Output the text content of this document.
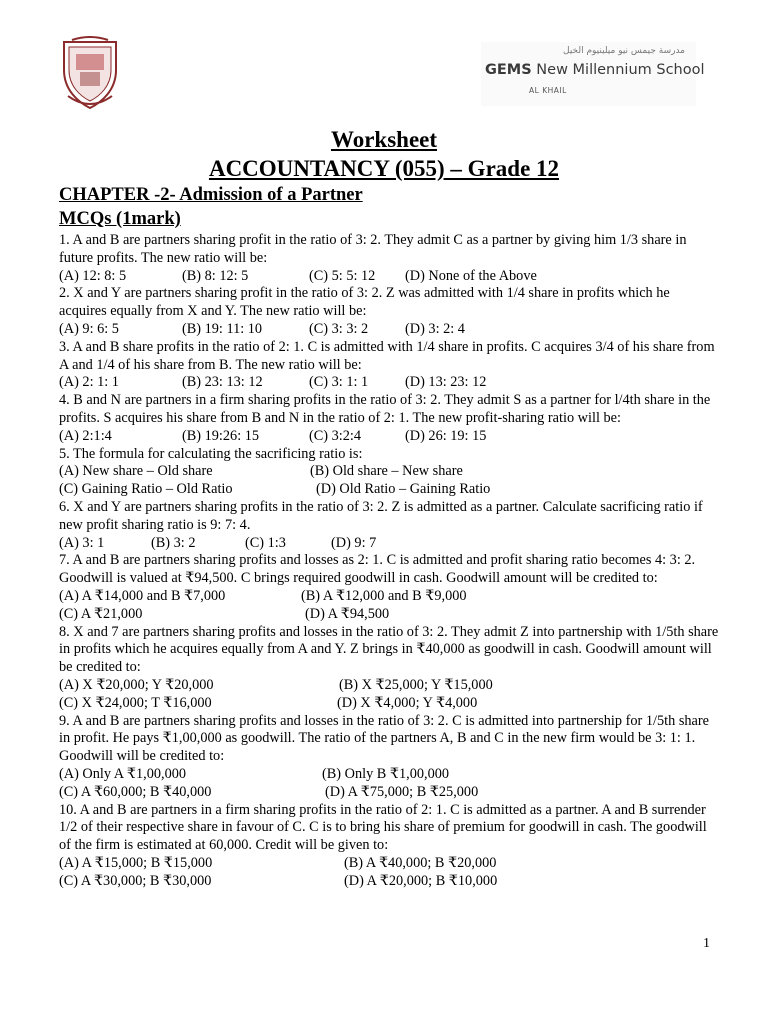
مدرسة جيمس نيو ميلينيوم الخيل
GEMS New Millennium School
AL KHAIL
Worksheet
ACCOUNTANCY (055) – Grade 12
CHAPTER -2- Admission of a Partner
MCQs (1mark)
1. A and B are partners sharing profit in the ratio of 3: 2. They admit C as a partner by giving him 1/3 share in future profits. The new ratio will be:
(A) 12: 8: 5	(B) 8: 12: 5	(C) 5: 5: 12 (D) None of the Above
2. X and Y are partners sharing profit in the ratio of 3: 2. Z was admitted with 1/4 share in profits which he acquires equally from X and Y. The new ratio will be:
(A) 9: 6: 5	(B) 19: 11: 10	(C) 3: 3: 2	(D) 3: 2: 4
3. A and B share profits in the ratio of 2: 1. C is admitted with 1/4 share in profits. C acquires 3/4 of his share from A and 1/4 of his share from B. The new ratio will be:
(A) 2: 1: 1	(B) 23: 13: 12	(C) 3: 1: 1	(D) 13: 23: 12
4. B and N are partners in a firm sharing profits in the ratio of 3: 2. They admit S as a partner for l/4th share in the profits. S acquires his share from B and N in the ratio of 2: 1. The new profit-sharing ratio will be:
(A) 2:1:4	(B) 19:26: 15	(C) 3:2:4	(D) 26: 19: 15
5. The formula for calculating the sacrificing ratio is:
(A) New share – Old share	(B) Old share – New share
(C) Gaining Ratio – Old Ratio	(D) Old Ratio – Gaining Ratio
6. X and Y are partners sharing profits in the ratio of 3: 2. Z is admitted as a partner. Calculate sacrificing ratio if new profit sharing ratio is 9: 7: 4.
(A) 3: 1	(B) 3: 2	(C) 1:3	(D) 9: 7
7. A and B are partners sharing profits and losses as 2: 1. C is admitted and profit sharing ratio becomes 4: 3: 2. Goodwill is valued at ₹94,500. C brings required goodwill in cash. Goodwill amount will be credited to:
(A) A ₹14,000 and B ₹7,000	(B) A ₹12,000 and B ₹9,000
(C) A ₹21,000	(D) A ₹94,500
8. X and 7 are partners sharing profits and losses in the ratio of 3: 2. They admit Z into partnership with 1/5th share in profits which he acquires equally from A and Y. Z brings in ₹40,000 as goodwill in cash. Goodwill amount will be credited to:
(A) X ₹20,000; Y ₹20,000	(B) X ₹25,000; Y ₹15,000
(C) X ₹24,000; T ₹16,000	(D) X ₹4,000; Y ₹4,000
9. A and B are partners sharing profits and losses in the ratio of 3: 2. C is admitted into partnership for 1/5th share in profit. He pays ₹1,00,000 as goodwill. The ratio of the partners A, B and C in the new firm would be 3: 1: 1. Goodwill will be credited to:
(A) Only A ₹1,00,000	(B) Only B ₹1,00,000
(C) A ₹60,000; B ₹40,000	(D) A ₹75,000; B ₹25,000
10. A and B are partners in a firm sharing profits in the ratio of 2: 1. C is admitted as a partner. A and B surrender 1/2 of their respective share in favour of C. C is to bring his share of premium for goodwill in cash. The goodwill of the firm is estimated at 60,000. Credit will be given to:
(A) A ₹15,000; B ₹15,000	(B) A ₹40,000; B ₹20,000
(C) A ₹30,000; B ₹30,000	(D) A ₹20,000; B ₹10,000
1
